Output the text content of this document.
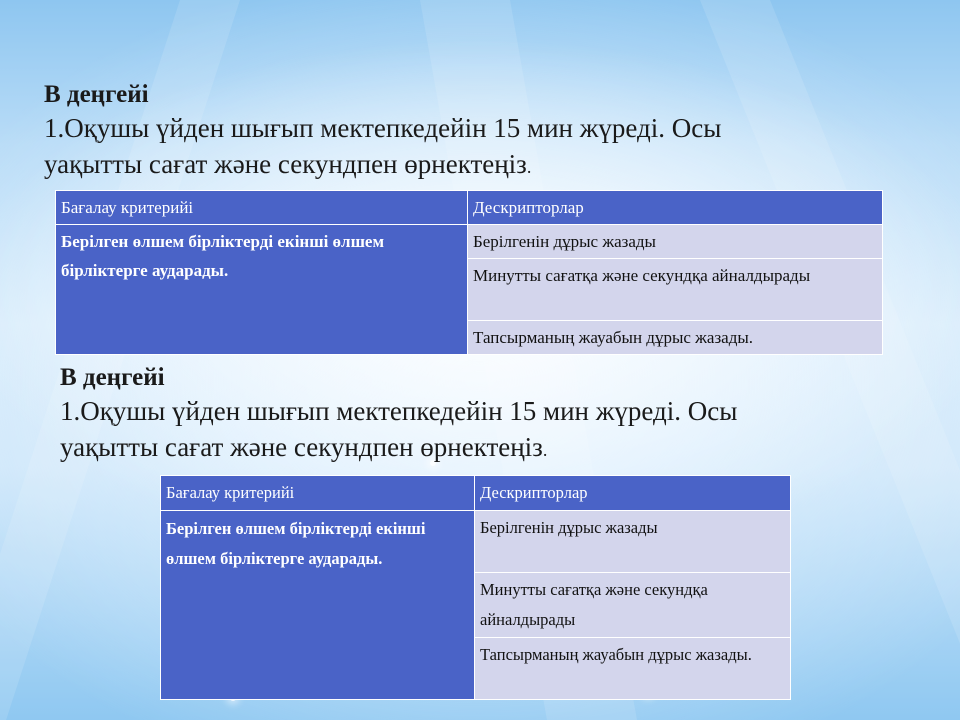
В деңгейі
1.Оқушы үйден шығып мектепкедейін 15 мин жүреді. Осы
уақытты сағат және секундпен өрнектеңіз.
Бағалау критерийі	Дескрипторлар
Берілген өлшем бірліктерді екінші өлшем бірліктерге аударады.	Берілгенін дұрыс жазады
	Минутты сағатқа және секундқа айналдырады
	Тапсырманың жауабын дұрыс жазады.
В деңгейі
1.Оқушы үйден шығып мектепкедейін 15 мин жүреді. Осы
уақытты сағат және секундпен өрнектеңіз.
Бағалау критерийі	Дескрипторлар
Берілген өлшем бірліктерді екінші өлшем бірліктерге аударады.	Берілгенін дұрыс жазады
	Минутты сағатқа және секундқа айналдырады
	Тапсырманың жауабын дұрыс жазады.
